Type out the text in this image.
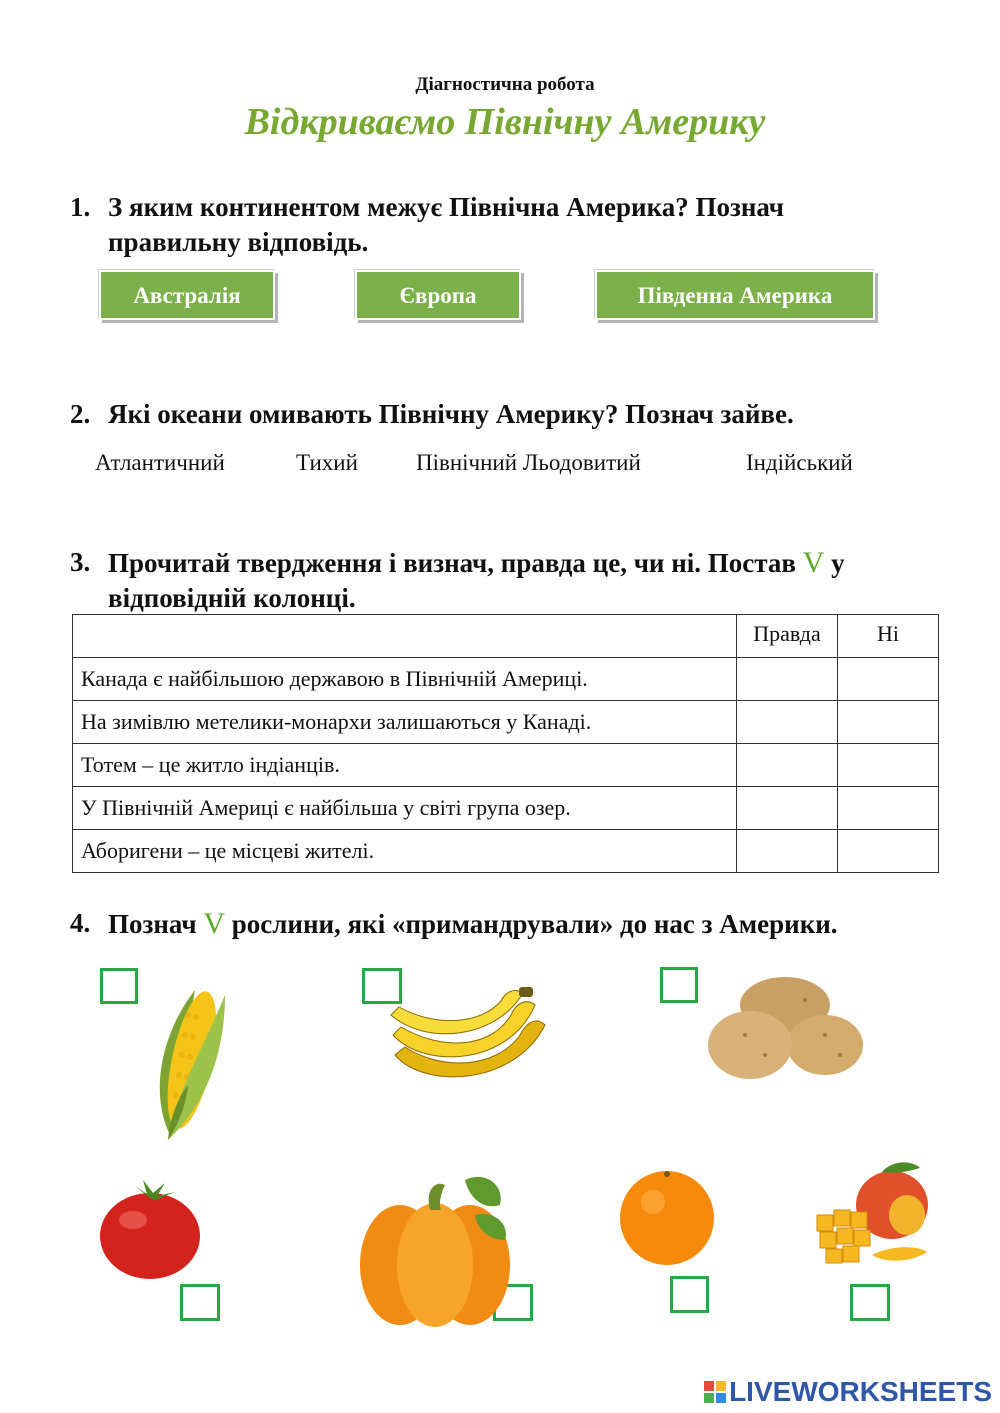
Діагностична робота
Відкриваємо Північну Америку
1. З яким континентом межує Північна Америка? Познач
правильну відповідь.
Австралія	Європа	Південна Америка
2. Які океани омивають Північну Америку? Познач зайве.
Атлантичний	Тихий	Північний Льодовитий	Індійський
3. Прочитай твердження і визнач, правда це, чи ні. Постав V у
відповідній колонці.
	Правда	Ні
Канада є найбільшою державою в Північній Америці.		
На зимівлю метелики-монархи залишаються у Канаді.		
Тотем – це житло індіанців.		
У Північній Америці є найбільша у світі група озер.		
Аборигени – це місцеві жителі.		
4. Познач V рослини, які «примандрували» до нас з Америки.
LIVEWORKSHEETS
